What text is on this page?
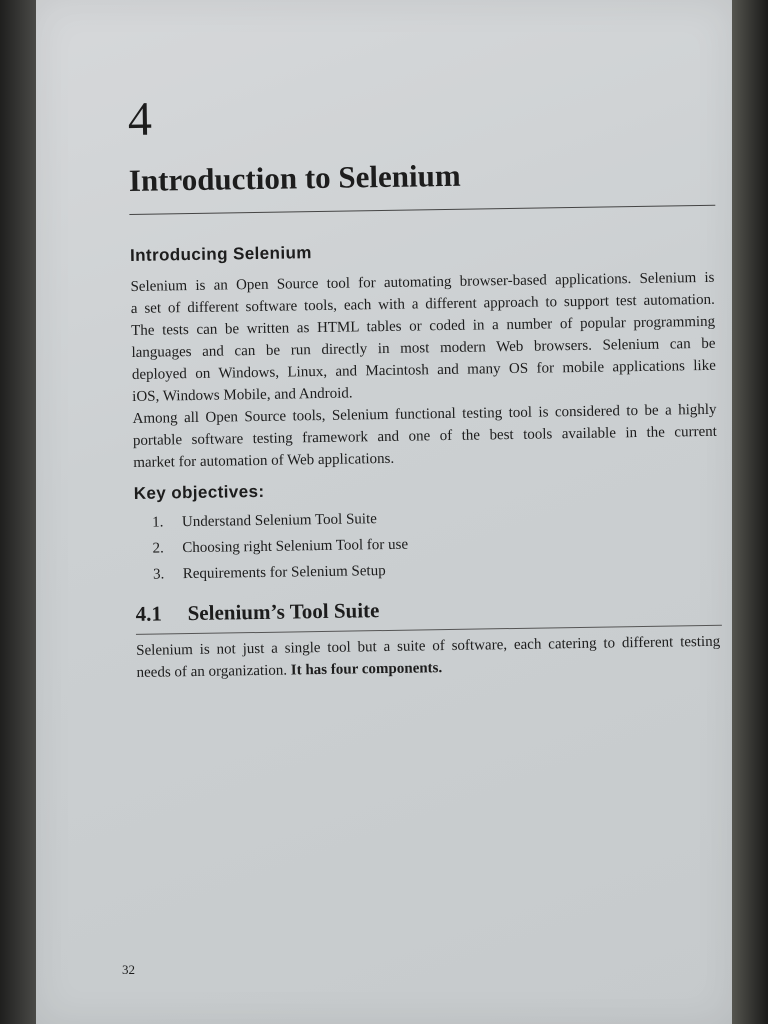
4
Introduction to Selenium
Introducing Selenium
Selenium is an Open Source tool for automating browser-based applications. Selenium is
a set of different software tools, each with a different approach to support test automation.
The tests can be written as HTML tables or coded in a number of popular programming
languages and can be run directly in most modern Web browsers. Selenium can be
deployed on Windows, Linux, and Macintosh and many OS for mobile applications like
iOS, Windows Mobile, and Android.
Among all Open Source tools, Selenium functional testing tool is considered to be a highly
portable software testing framework and one of the best tools available in the current
market for automation of Web applications.
Key objectives:
1. Understand Selenium Tool Suite
2. Choosing right Selenium Tool for use
3. Requirements for Selenium Setup
4.1 Selenium’s Tool Suite
Selenium is not just a single tool but a suite of software, each catering to different testing
needs of an organization. It has four components.
32
